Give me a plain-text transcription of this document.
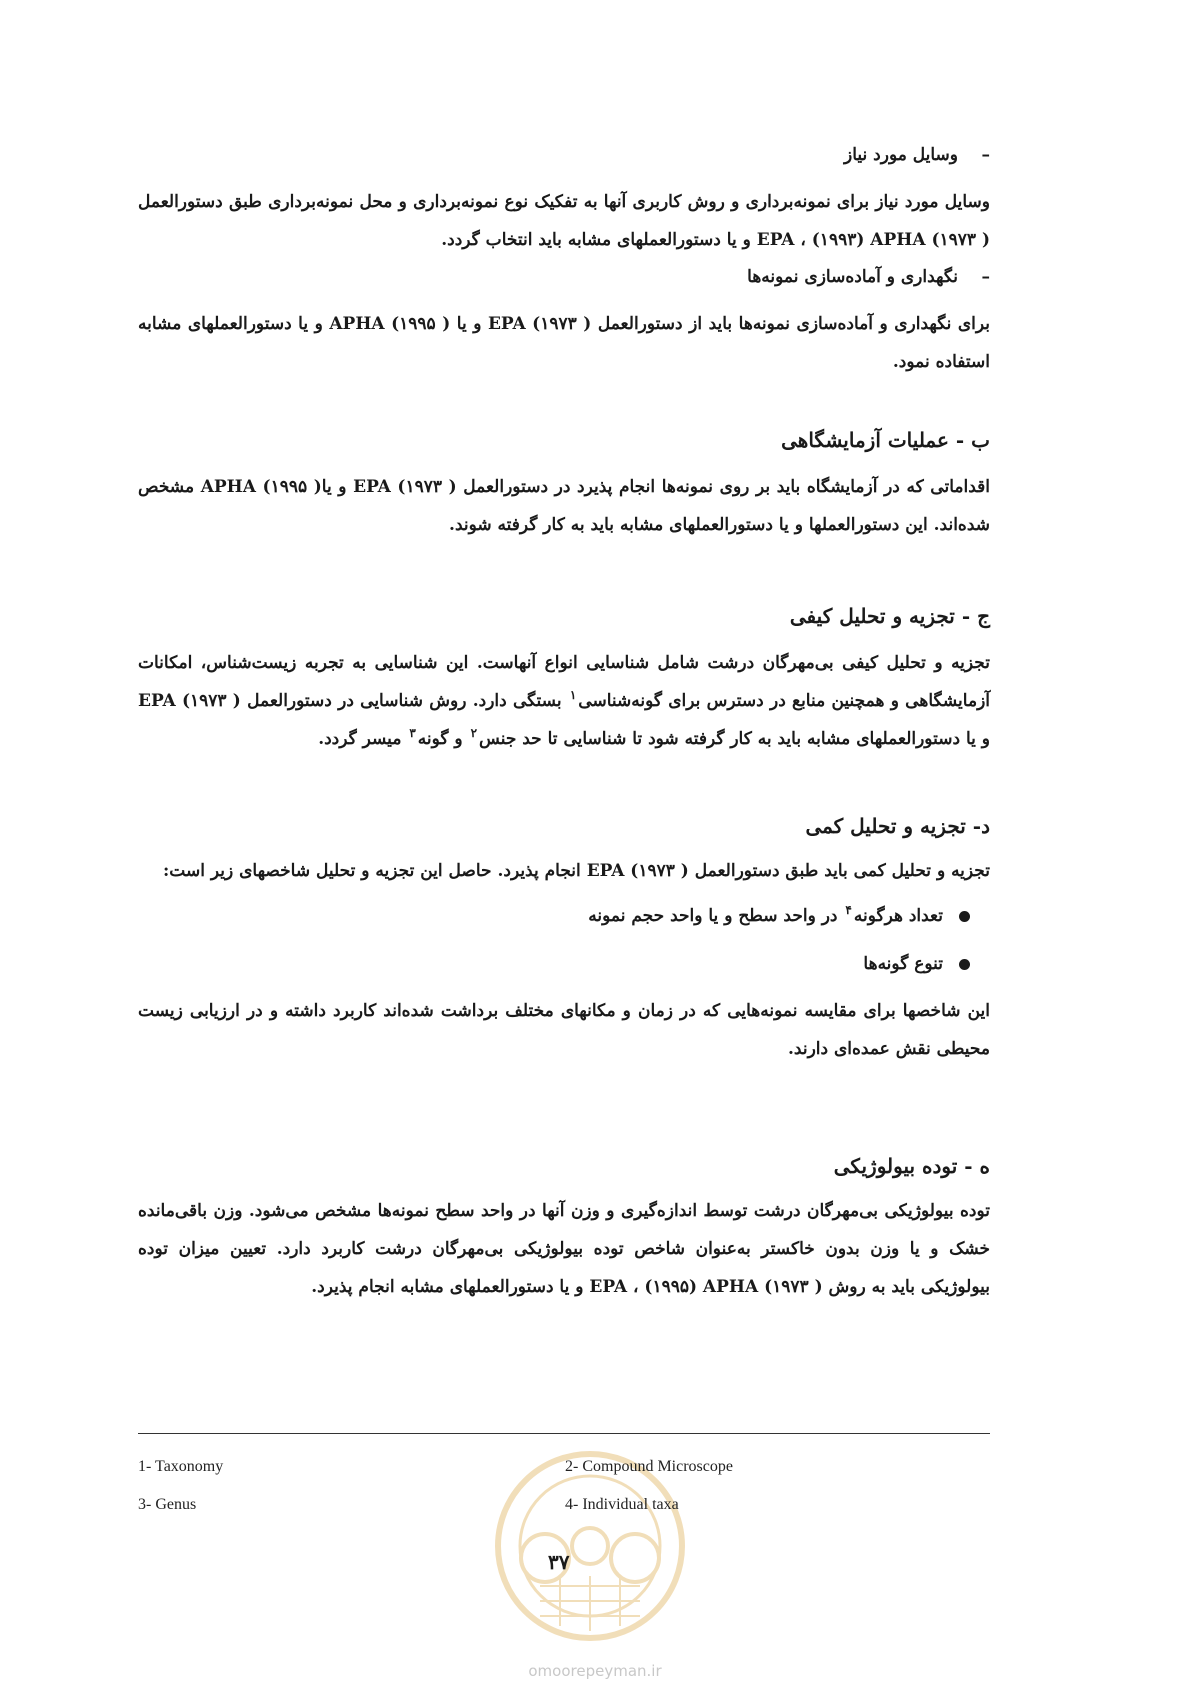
–وسایل مورد نیاز

وسایل مورد نیاز برای نمونه‌برداری و روش کاربری آنها به تفکیک نوع نمونه‌برداری و محل نمونه‌برداری طبق دستورالعمل ( ۱۹۷۳) EPA ، (۱۹۹۳) APHA و یا دستورالعملهای مشابه باید انتخاب گردد.

–نگهداری و آماده‌سازی نمونه‌ها

برای نگهداری و آماده‌سازی نمونه‌ها باید از دستورالعمل ( ۱۹۷۳) EPA و یا ( ۱۹۹۵) APHA و یا دستورالعملهای مشابه استفاده نمود.

ب - عملیات آزمایشگاهی

اقداماتی که در آزمایشگاه باید بر روی نمونه‌ها انجام پذیرد در دستورالعمل ( ۱۹۷۳) EPA و یا( ۱۹۹۵) APHA مشخص شده‌اند. این دستورالعملها و یا دستورالعملهای مشابه باید به کار گرفته شوند.

ج - تجزیه و تحلیل کیفی

تجزیه و تحلیل کیفی بی‌مهرگان درشت شامل شناسایی انواع آنهاست. این شناسایی به تجربه زیست‌شناس، امکانات آزمایشگاهی و همچنین منابع در دسترس برای گونه‌شناسی$^۱$ بستگی دارد. روش شناسایی در دستورالعمل ( ۱۹۷۳) EPA و یا دستورالعملهای مشابه باید به کار گرفته شود تا شناسایی تا حد جنس$^۲$ و گونه$^۳$ میسر گردد.

د- تجزیه و تحلیل کمی

تجزیه و تحلیل کمی باید طبق دستورالعمل ( ۱۹۷۳) EPA انجام پذیرد. حاصل این تجزیه و تحلیل شاخصهای زیر است:

تعداد هرگونه$^۴$ در واحد سطح و یا واحد حجم نمونه
تنوع گونه‌ها

این شاخصها برای مقایسه نمونه‌هایی که در زمان و مکانهای مختلف برداشت شده‌اند کاربرد داشته و در ارزیابی زیست محیطی نقش عمده‌ای دارند.

ه - توده بیولوژیکی

توده بیولوژیکی بی‌مهرگان درشت توسط اندازه‌گیری و وزن آنها در واحد سطح نمونه‌ها مشخص می‌شود. وزن باقی‌مانده خشک و یا وزن بدون خاکستر به‌عنوان شاخص توده بیولوژیکی بی‌مهرگان درشت کاربرد دارد. تعیین میزان توده بیولوژیکی باید به روش ( ۱۹۷۳) EPA ، (۱۹۹۵) APHA و یا دستورالعملهای مشابه انجام پذیرد.

1- Taxonomy	2- Compound Microscope
3- Genus	4- Individual taxa
۳۷
omoorepeyman.ir
